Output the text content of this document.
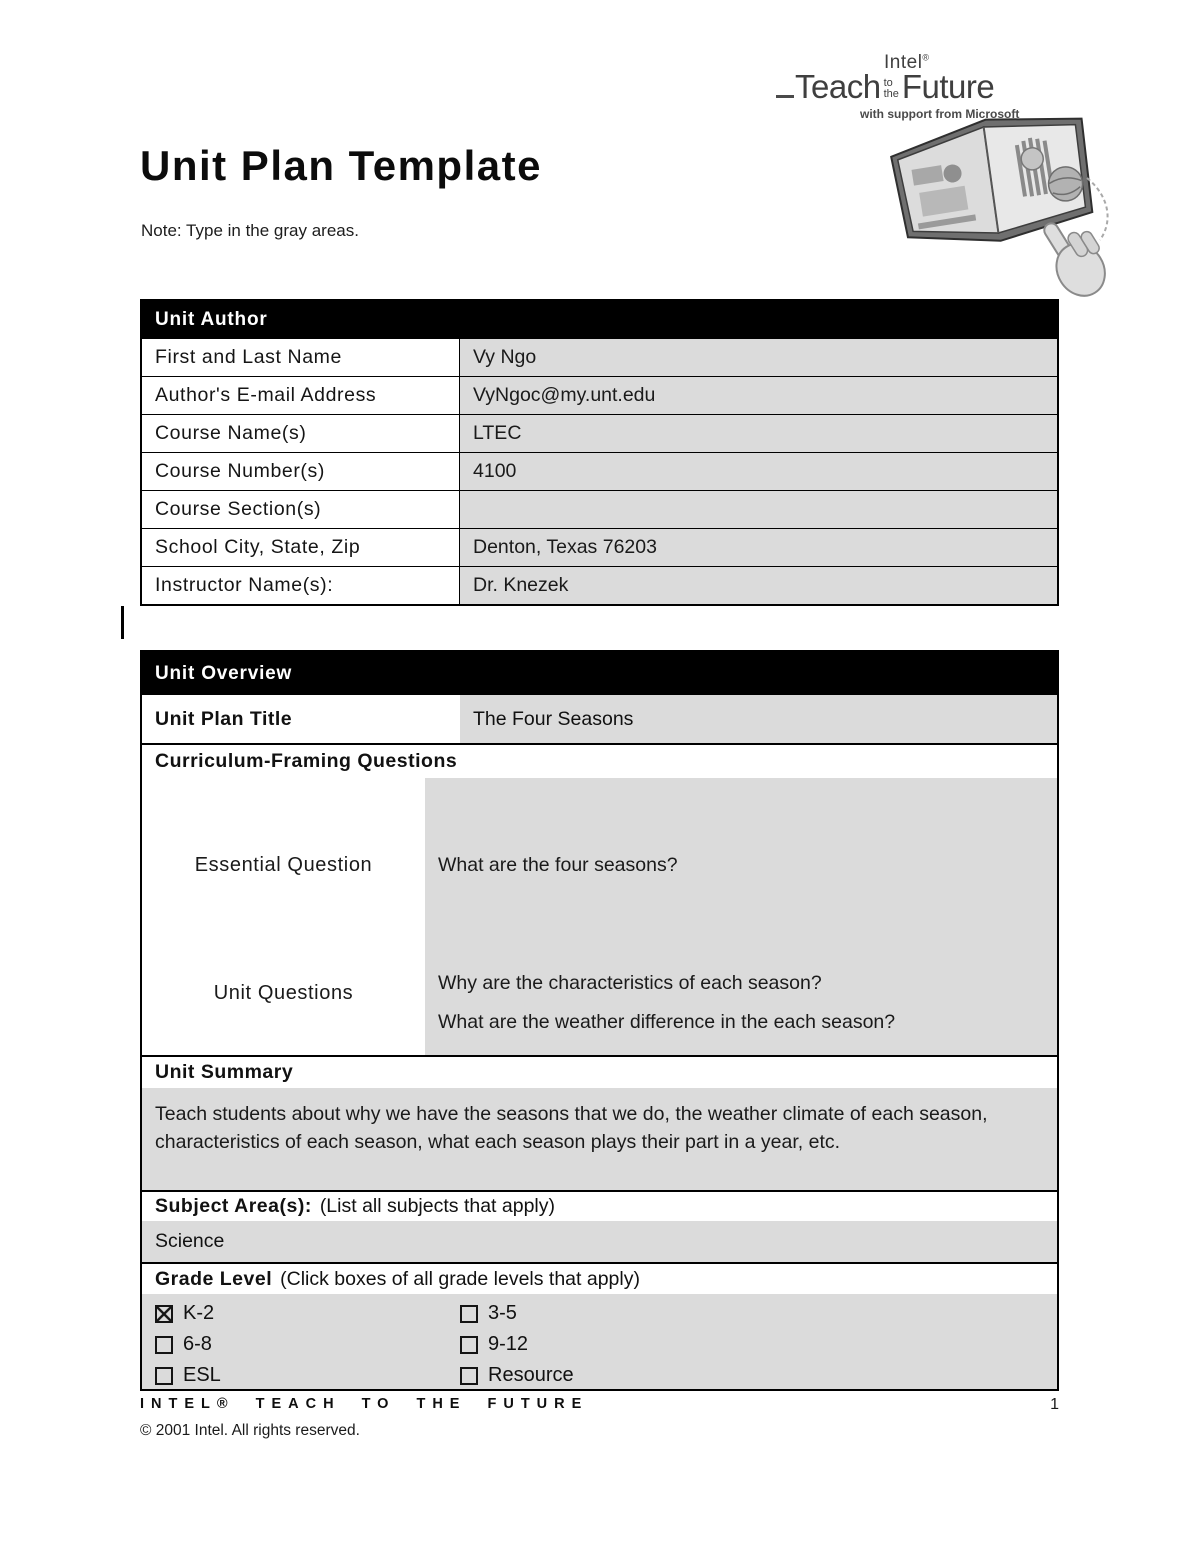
Intel®
Teach to
the Future
with support from Microsoft
Unit Plan Template
Note: Type in the gray areas.
Unit Author
First and Last Name	Vy Ngo
Author's E-mail Address	VyNgoc@my.unt.edu
Course Name(s)	LTEC
Course Number(s)	4100
Course Section(s)
School City, State, Zip	Denton, Texas 76203
Instructor Name(s):	Dr. Knezek
Unit Overview
Unit Plan Title	The Four Seasons
Curriculum-Framing Questions
Essential Question	What are the four seasons?
Unit Questions	Why are the characteristics of each season?
What are the weather difference in the each season?
Unit Summary
Teach students about why we have the seasons that we do, the weather climate of each season, characteristics of each season, what each season plays their part in a year, etc.
Subject Area(s): (List all subjects that apply)
Science
Grade Level (Click boxes of all grade levels that apply)
K-2	3-5
6-8	9-12
ESL	Resource
INTEL® TEACH TO THE FUTURE	1
© 2001 Intel. All rights reserved.
